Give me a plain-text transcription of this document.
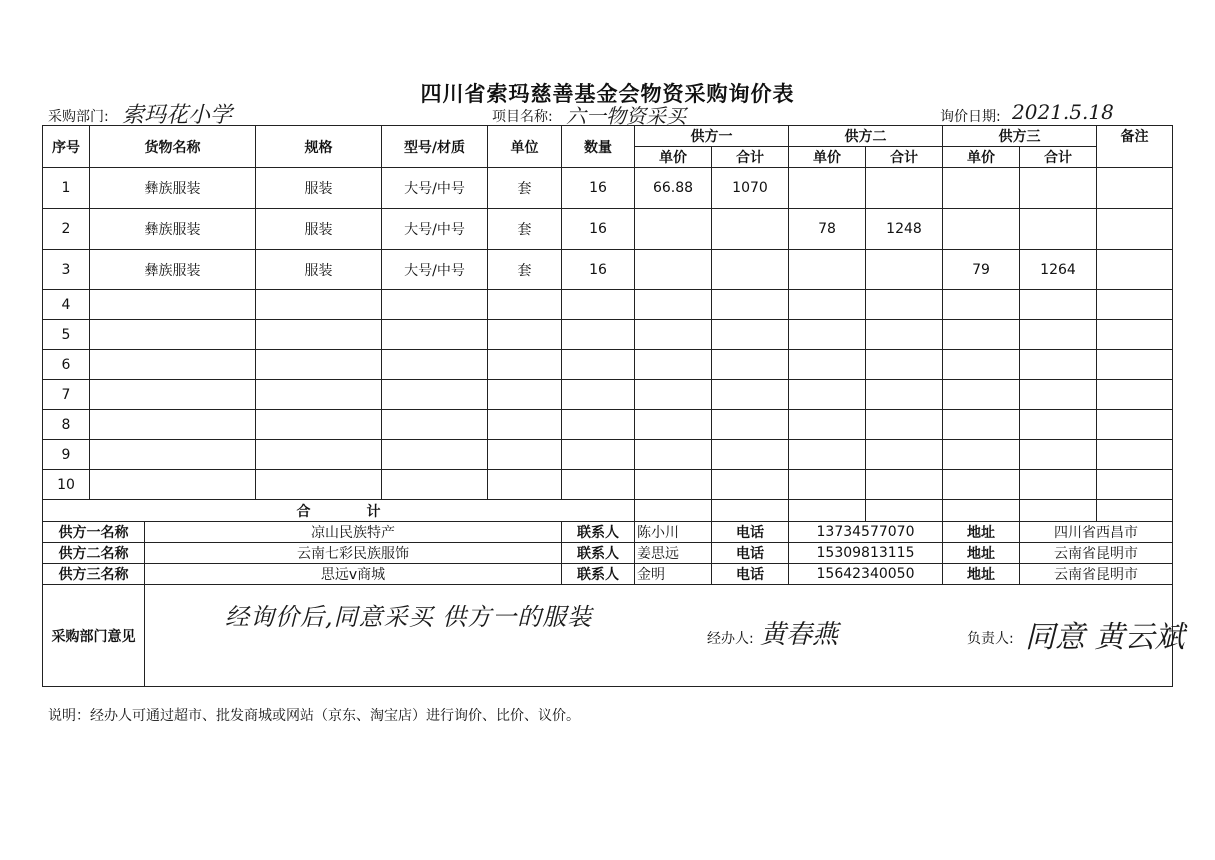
四川省索玛慈善基金会物资采购询价表
采购部门: 索玛花小学	项目名称: 六一物资采买	询价日期: 2021.5.18
序号	货物名称		规格	型号/材质	单位	数量	供方一		供方二		供方三		备注
							单价	合计	单价	合计	单价	合计	
1	彝族服装		服装	大号/中号	套	16	66.88	1070					
2	彝族服装		服装	大号/中号	套	16			78	1248			
3	彝族服装		服装	大号/中号	套	16					79	1264	
4													
5													
6													
7													
8													
9													
10													
合　　　　计													
供方一名称		凉山民族特产				联系人	陈小川	电话	13734577070		地址	四川省西昌市	
供方二名称		云南七彩民族服饰				联系人	姜思远	电话	15309813115		地址	云南省昆明市	
供方三名称		思远v商城				联系人	金明	电话	15642340050		地址	云南省昆明市	
采购部门意见													
经询价后,同意采买 供方一的服装
经办人: 黄春燕	负责人: 同意 黄云斌
说明：经办人可通过超市、批发商城或网站（京东、淘宝店）进行询价、比价、议价。
